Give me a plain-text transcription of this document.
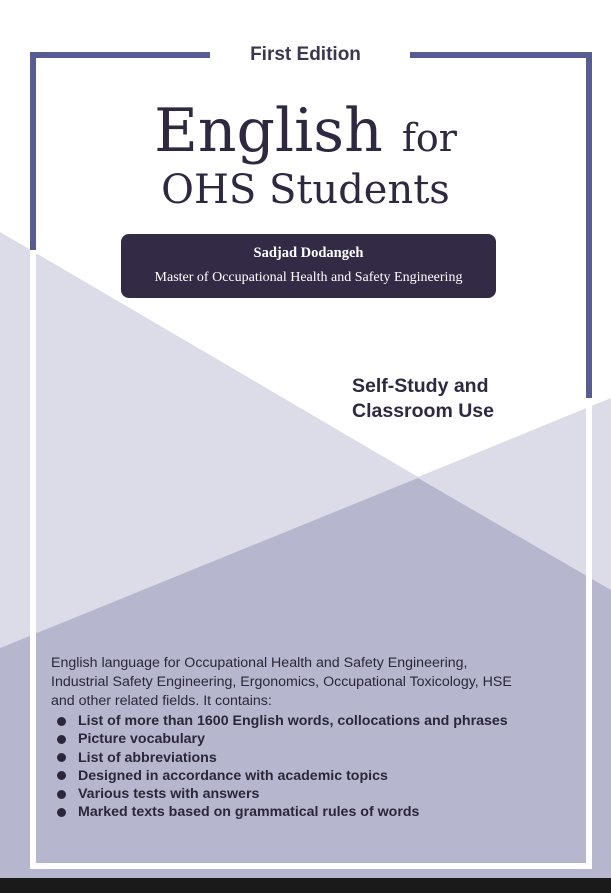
First Edition
English for
OHS Students
Sadjad Dodangeh
Master of Occupational Health and Safety Engineering
Self-Study and
Classroom Use
English language for Occupational Health and Safety Engineering,
Industrial Safety Engineering, Ergonomics, Occupational Toxicology, HSE
and other related fields. It contains:
List of more than 1600 English words, collocations and phrases
Picture vocabulary
List of abbreviations
Designed in accordance with academic topics
Various tests with answers
Marked texts based on grammatical rules of words
